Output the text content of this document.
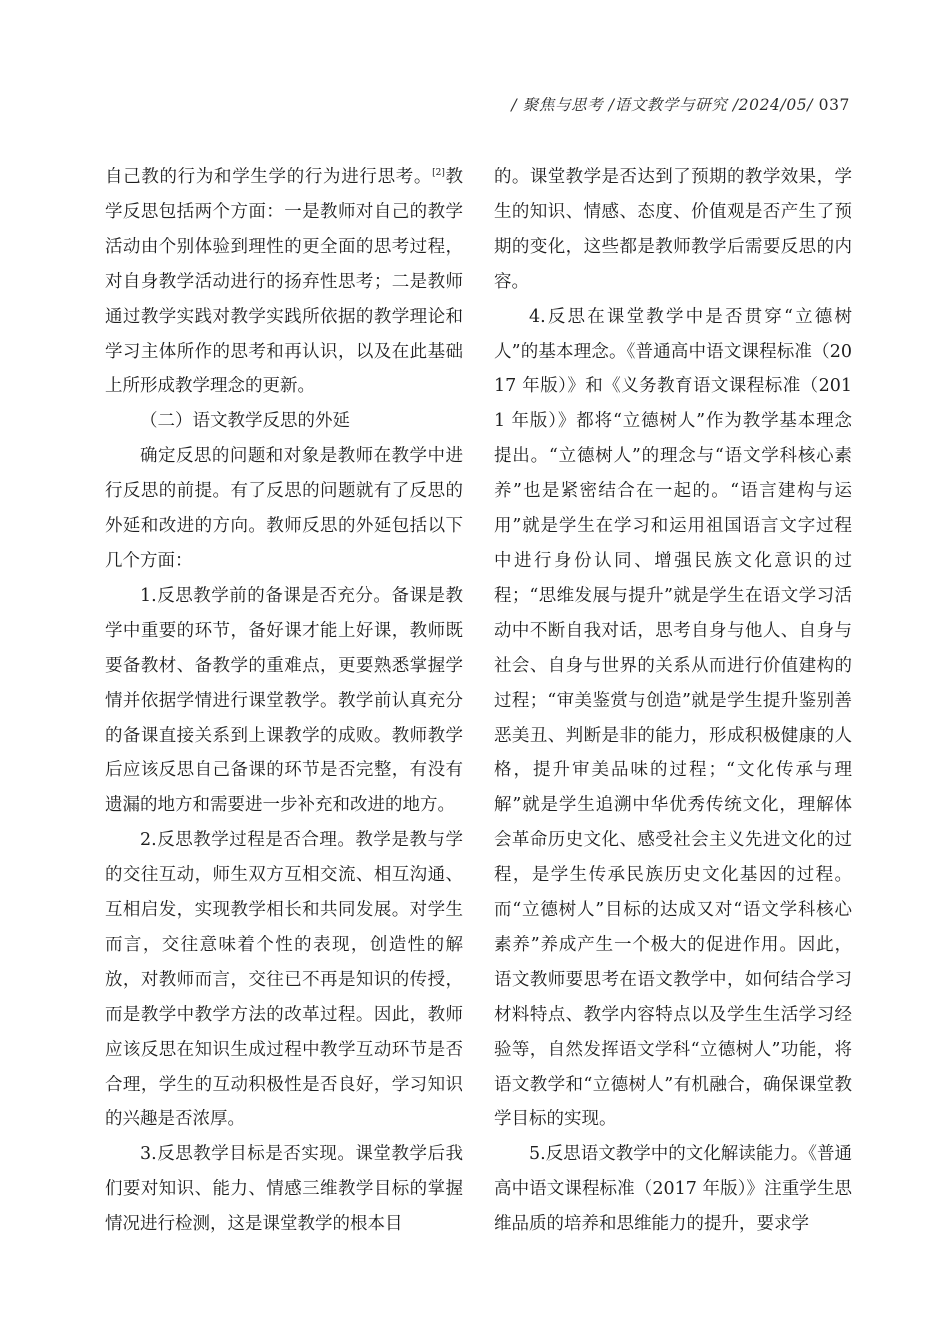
/ 聚焦与思考 /语文教学与研究 /2024/05/ 037

自己教的行为和学生学的行为进行思考。[2]教学反思包括两个方面：一是教师对自己的教学活动由个别体验到理性的更全面的思考过程，对自身教学活动进行的扬弃性思考；二是教师通过教学实践对教学实践所依据的教学理论和学习主体所作的思考和再认识，以及在此基础上所形成教学理念的更新。

（二）语文教学反思的外延

确定反思的问题和对象是教师在教学中进行反思的前提。有了反思的问题就有了反思的外延和改进的方向。教师反思的外延包括以下几个方面：

1.反思教学前的备课是否充分。备课是教学中重要的环节，备好课才能上好课，教师既要备教材、备教学的重难点，更要熟悉掌握学情并依据学情进行课堂教学。教学前认真充分的备课直接关系到上课教学的成败。教师教学后应该反思自己备课的环节是否完整，有没有遗漏的地方和需要进一步补充和改进的地方。

2.反思教学过程是否合理。教学是教与学的交往互动，师生双方互相交流、相互沟通、互相启发，实现教学相长和共同发展。对学生而言，交往意味着个性的表现，创造性的解放，对教师而言，交往已不再是知识的传授，而是教学中教学方法的改革过程。因此，教师应该反思在知识生成过程中教学互动环节是否合理，学生的互动积极性是否良好，学习知识的兴趣是否浓厚。

3.反思教学目标是否实现。课堂教学后我们要对知识、能力、情感三维教学目标的掌握情况进行检测，这是课堂教学的根本目

的。课堂教学是否达到了预期的教学效果，学生的知识、情感、态度、价值观是否产生了预期的变化，这些都是教师教学后需要反思的内容。

4.反思在课堂教学中是否贯穿“立德树人”的基本理念。《普通高中语文课程标准（2017 年版）》和《义务教育语文课程标准（2011 年版）》都将“立德树人”作为教学基本理念提出。“立德树人”的理念与“语文学科核心素养”也是紧密结合在一起的。“语言建构与运用”就是学生在学习和运用祖国语言文字过程中进行身份认同、增强民族文化意识的过程；“思维发展与提升”就是学生在语文学习活动中不断自我对话，思考自身与他人、自身与社会、自身与世界的关系从而进行价值建构的过程；“审美鉴赏与创造”就是学生提升鉴别善恶美丑、判断是非的能力，形成积极健康的人格，提升审美品味的过程；“文化传承与理解”就是学生追溯中华优秀传统文化，理解体会革命历史文化、感受社会主义先进文化的过程，是学生传承民族历史文化基因的过程。而“立德树人”目标的达成又对“语文学科核心素养”养成产生一个极大的促进作用。因此，语文教师要思考在语文教学中，如何结合学习材料特点、教学内容特点以及学生生活学习经验等，自然发挥语文学科“立德树人”功能，将语文教学和“立德树人”有机融合，确保课堂教学目标的实现。

5.反思语文教学中的文化解读能力。《普通高中语文课程标准（2017 年版）》注重学生思维品质的培养和思维能力的提升，要求学
